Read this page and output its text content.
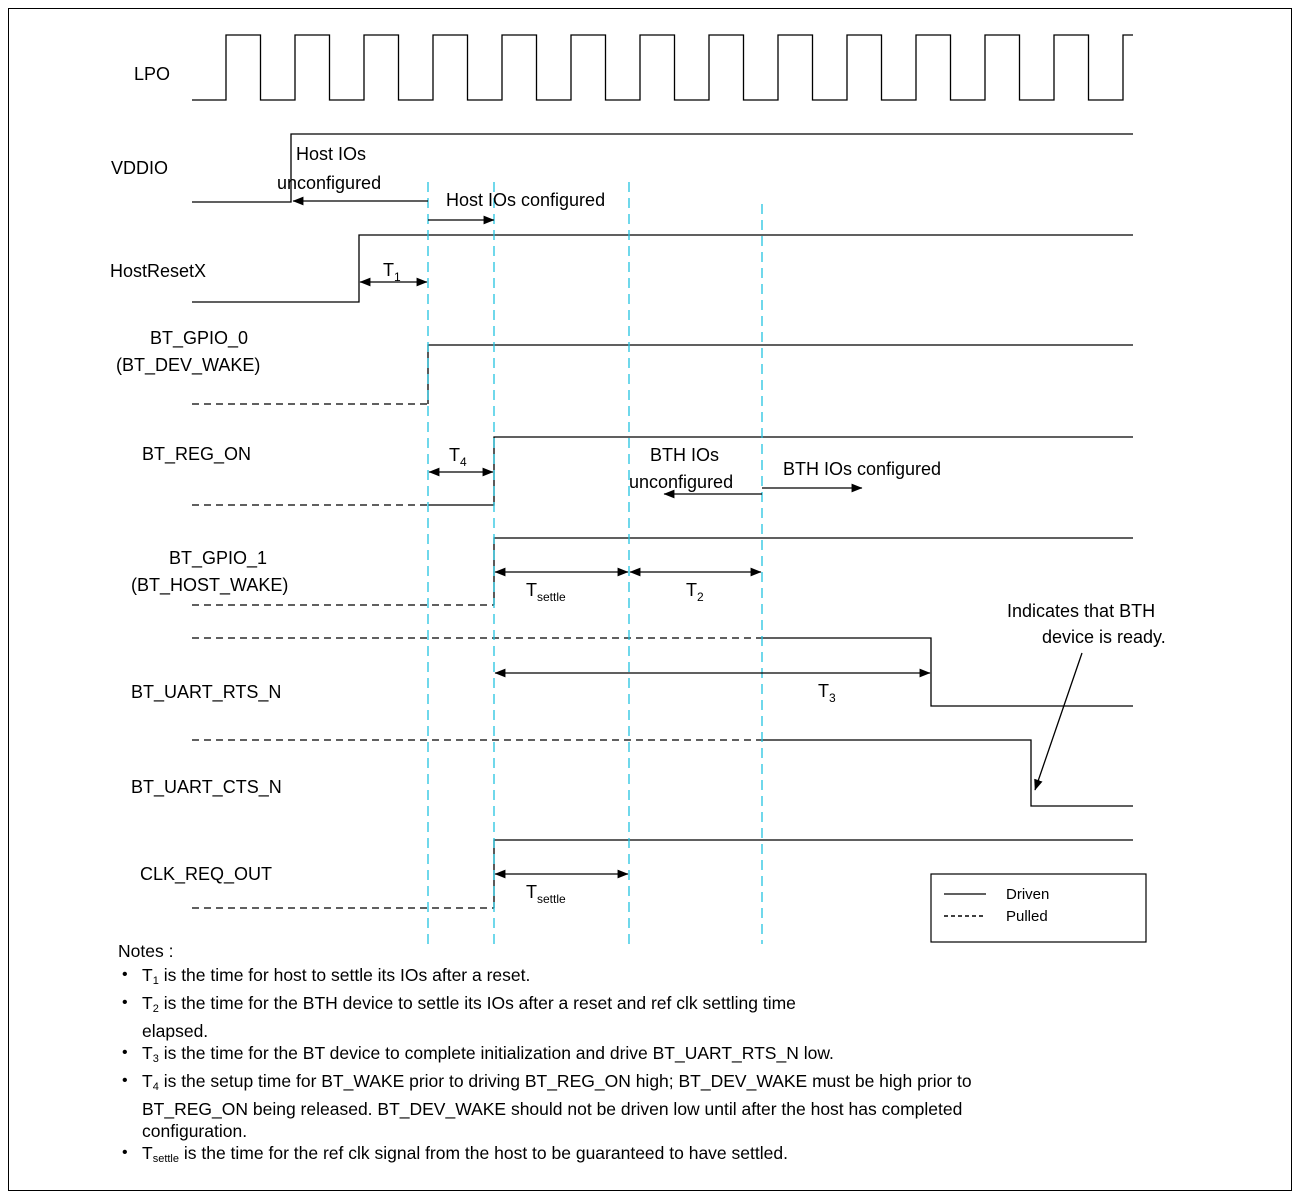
LPO
VDDIO
HostResetX
BT_GPIO_0
(BT_DEV_WAKE)
BT_REG_ON
BT_GPIO_1
(BT_HOST_WAKE)
BT_UART_RTS_N
BT_UART_CTS_N
CLK_REQ_OUT
Host IOs
unconfigured
Host IOs configured
$T_1$
$T_4$	BTH IOs
unconfigured
BTH IOs configured
$T_{settle}$	$T_2$
$T_3$
Indicates that BTH
device is ready.
$T_{settle}$	Driven
Pulled
Notes :
• $T_1$ is the time for host to settle its IOs after a reset.
• $T_2$ is the time for the BTH device to settle its IOs after a reset and ref clk settling time elapsed.
• $T_3$ is the time for the BT device to complete initialization and drive BT_UART_RTS_N low.
• $T_4$ is the setup time for BT_WAKE prior to driving BT_REG_ON high; BT_DEV_WAKE must be high prior to BT_REG_ON being released. BT_DEV_WAKE should not be driven low until after the host has completed configuration.
• $T_{settle}$ is the time for the ref clk signal from the host to be guaranteed to have settled.
